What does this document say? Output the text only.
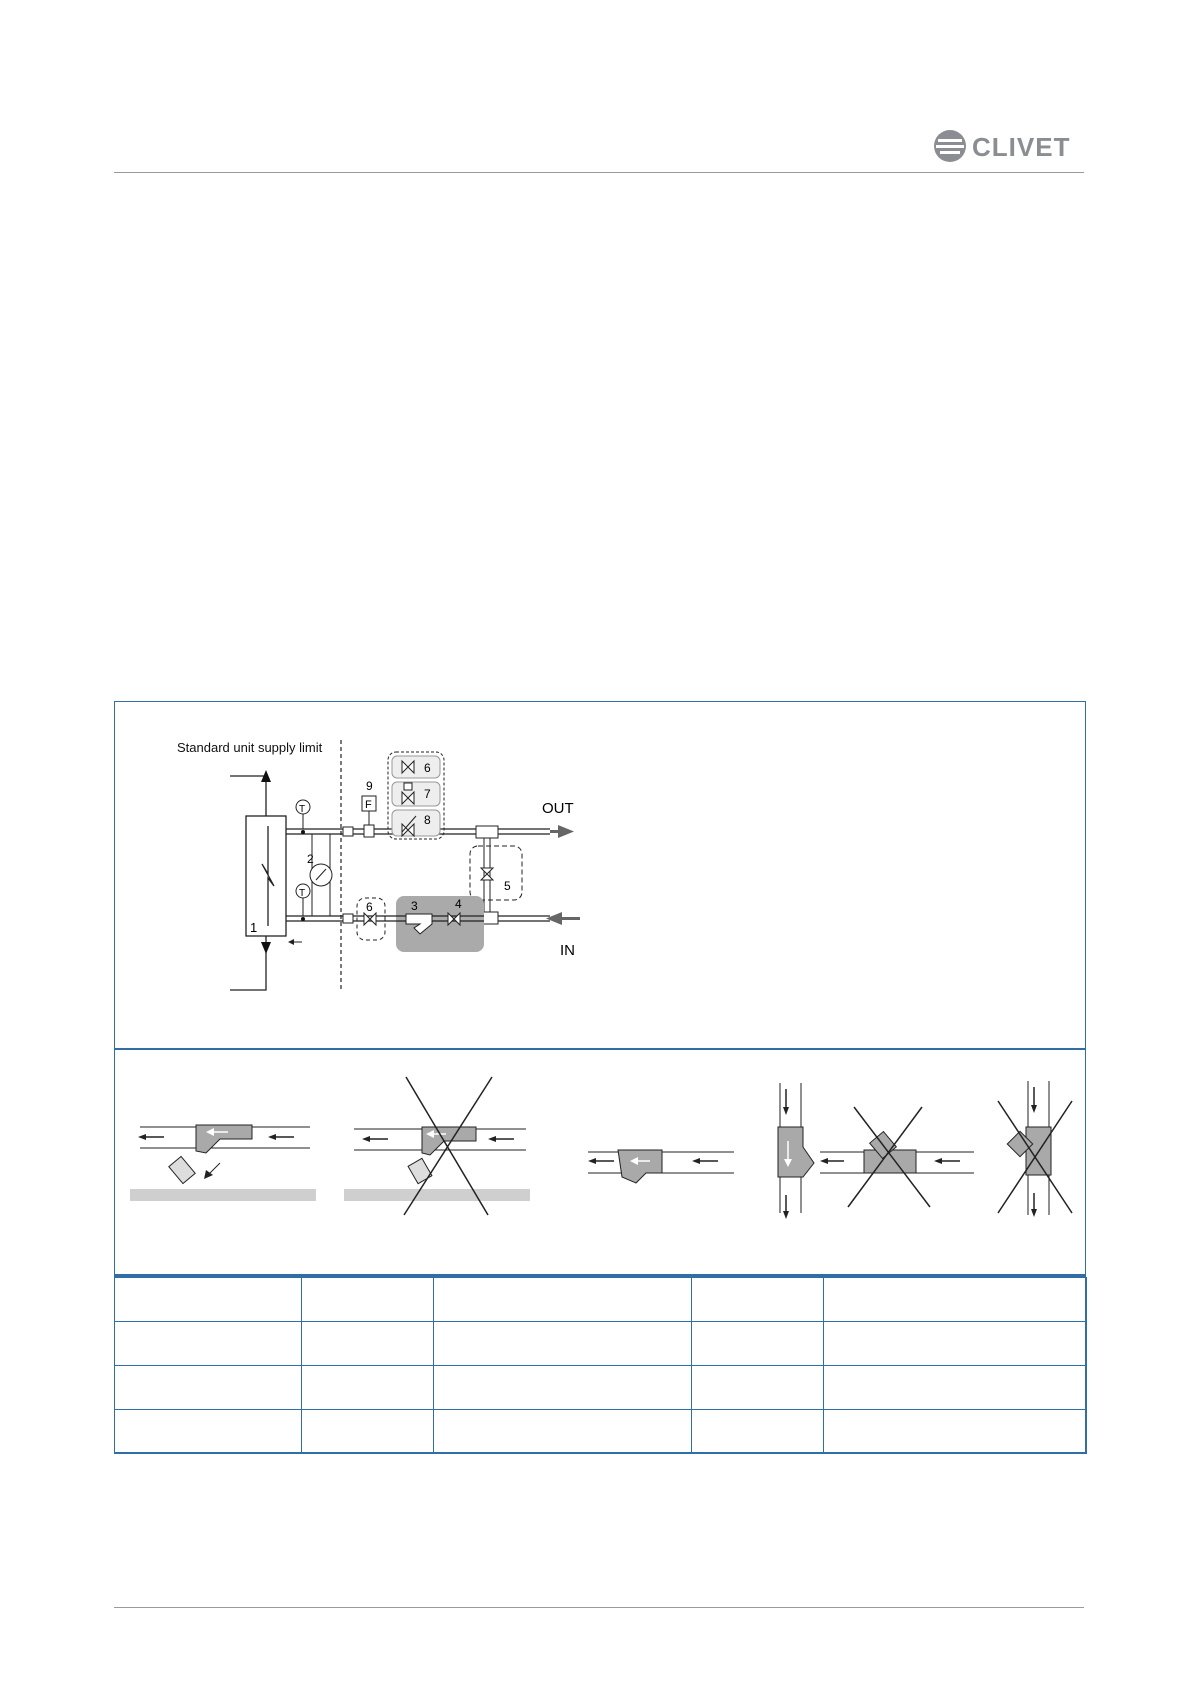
CLIVET
Standard unit supply limit
1
T
T
2
9
F
6
7
8
5
6	3	4
OUT
IN
